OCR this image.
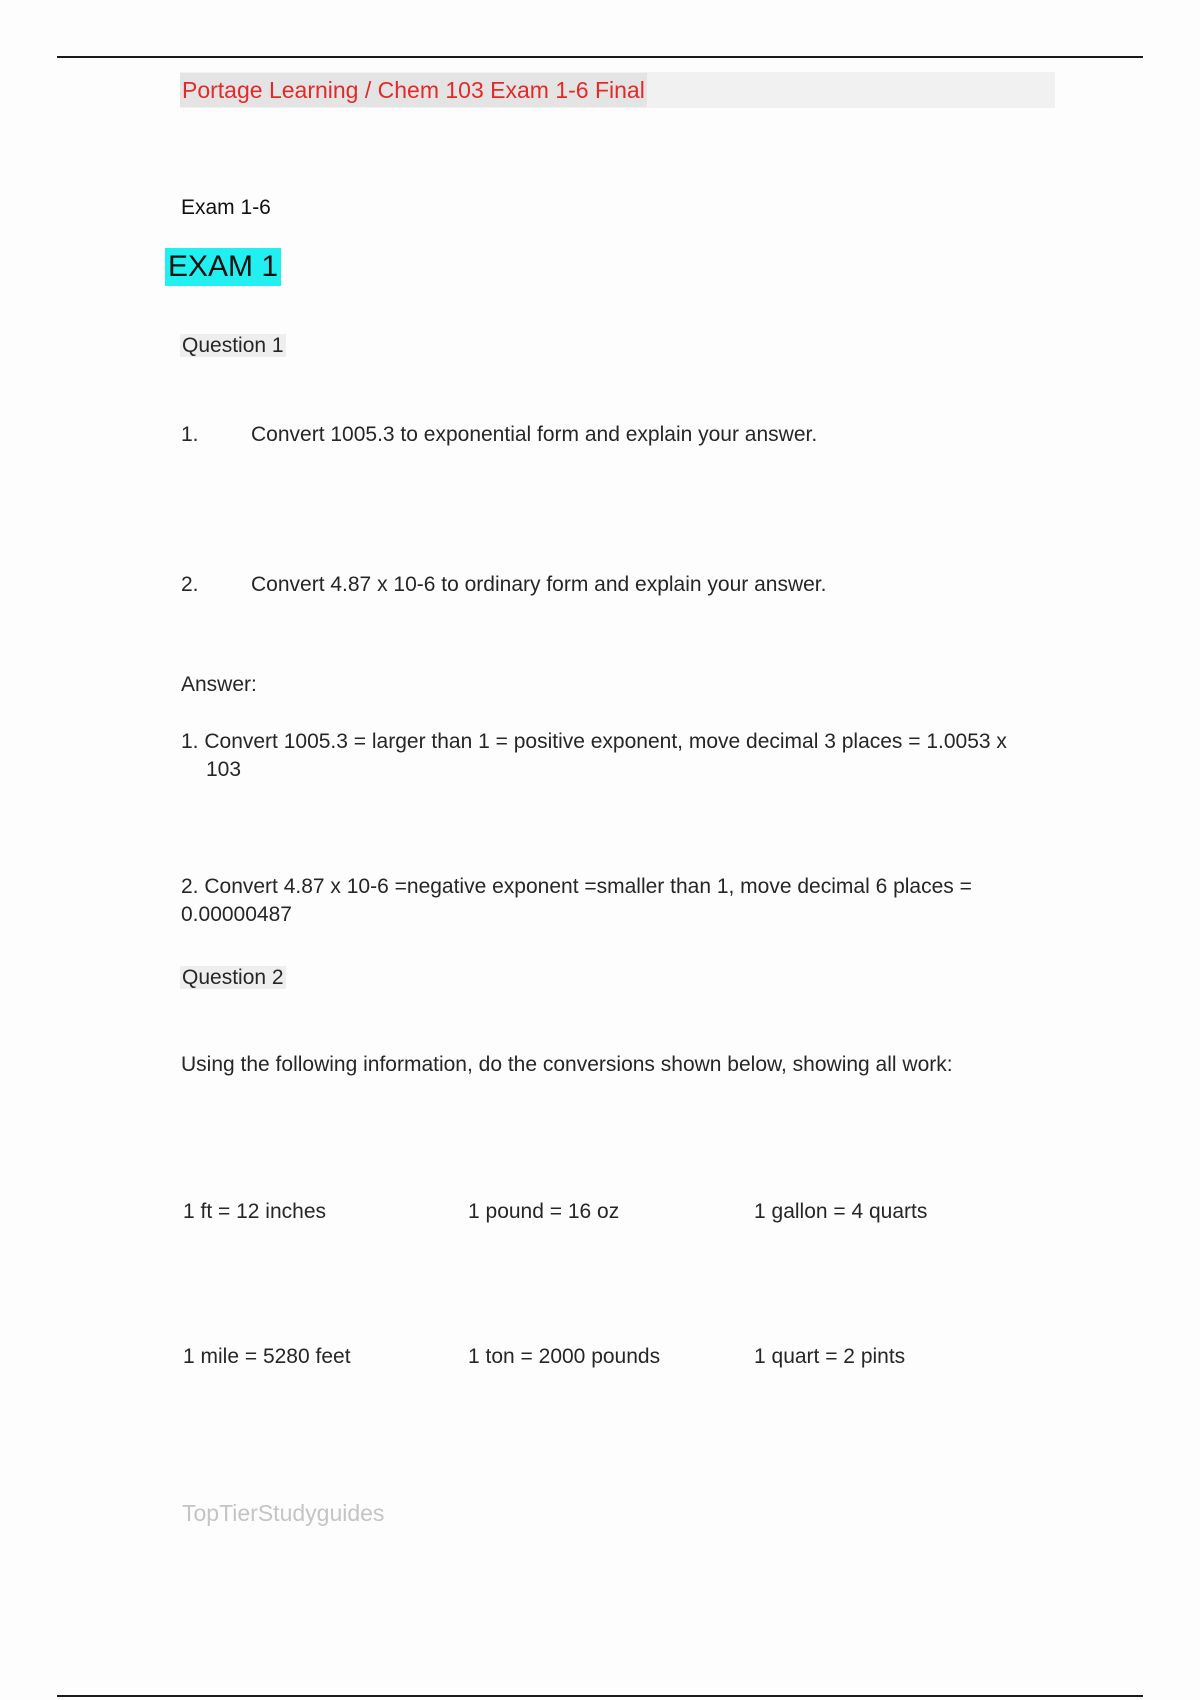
Portage Learning / Chem 103 Exam 1-6 Final
Exam 1-6
EXAM 1
Question 1
1. Convert 1005.3 to exponential form and explain your answer.
2. Convert 4.87 x 10-6 to ordinary form and explain your answer.
Answer:
1. Convert 1005.3 = larger than 1 = positive exponent, move decimal 3 places = 1.0053 x
103
2. Convert 4.87 x 10-6 =negative exponent =smaller than 1, move decimal 6 places =
0.00000487
Question 2
Using the following information, do the conversions shown below, showing all work:
1 ft = 12 inches	1 pound = 16 oz	1 gallon = 4 quarts
1 mile = 5280 feet	1 ton = 2000 pounds	1 quart = 2 pints
TopTierStudyguides
